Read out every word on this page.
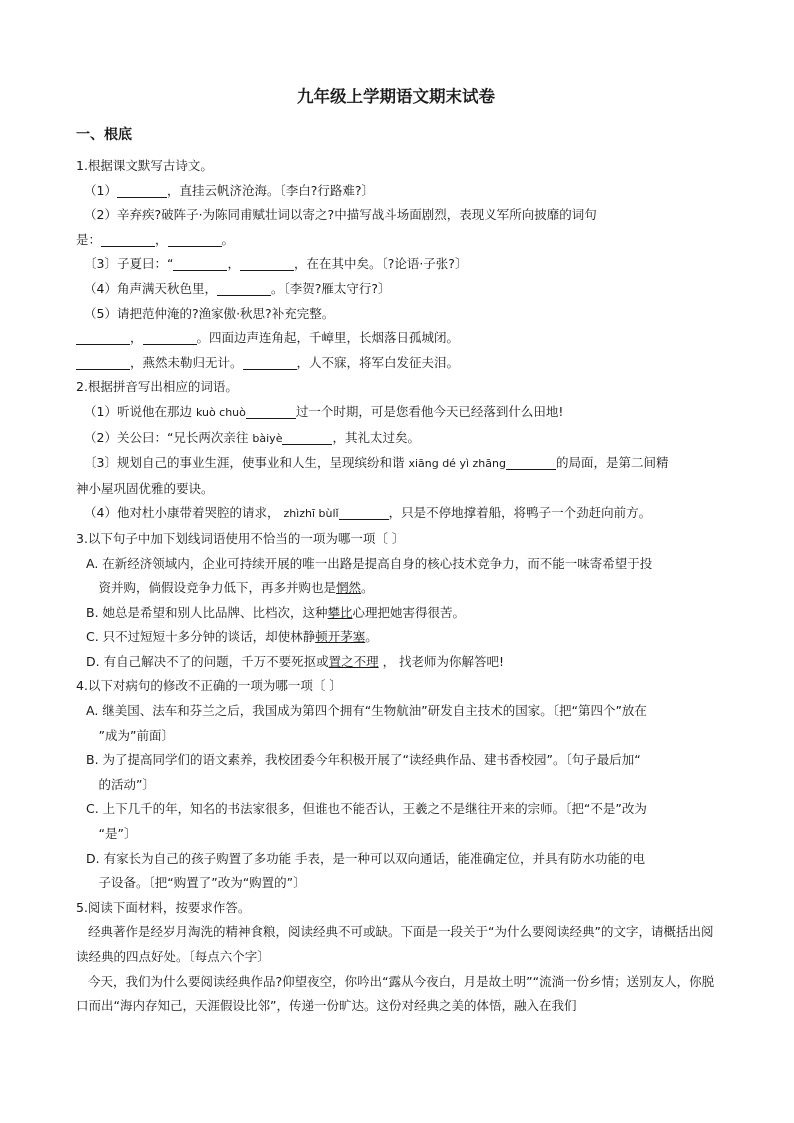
九年级上学期语文期末试卷
一、根底
1.根据课文默写古诗文。
（1）	，直挂云帆济沧海。〔李白?行路难?〕
（2）辛弃疾?破阵子·为陈同甫赋壮词以寄之?中描写战斗场面剧烈，表现义军所向披靡的词句
是：	，	。
〔3〕子夏曰：“	，	，在在其中矣。〔?论语·子张?〕
（4）角声满天秋色里，	。〔李贺?雁太守行?〕
（5）请把范仲淹的?渔家傲·秋思?补充完整。
，	。四面边声连角起，千嶂里，长烟落日孤城闭。
，燕然未勒归无计。	，人不寐，将军白发征夫泪。
2.根据拼音写出相应的词语。
（1）听说他在那边 kuò chuò	过一个时期，可是您看他今天已经落到什么田地!
（2）关公曰：“兄长两次亲往 bàiyè	，其礼太过矣。
〔3〕规划自己的事业生涯，使事业和人生，呈现缤纷和谐 xiāng dé yì zhāng	的局面，是第二间精
神小屋巩固优雅的要诀。
（4）他对杜小康带着哭腔的请求， zhìzhī bùlǐ	，只是不停地撑着船，将鸭子一个劲赶向前方。
3.以下句子中加下划线词语使用不恰当的一项为哪一项〔 〕
A. 在新经济领域内，企业可持续开展的唯一出路是提高自身的核心技术竞争力，而不能一味寄希望于投
  资并购，倘假设竞争力低下，再多并购也是惘然。
B. 她总是希望和别人比品牌、比档次，这种攀比心理把她害得很苦。
C. 只不过短短十多分钟的谈话，却使林静顿开茅塞。
D. 有自己解决不了的问题，千万不要死抠或置之不理 ， 找老师为你解答吧!
4.以下对病句的修改不正确的一项为哪一项〔 〕
A. 继美国、法车和芬兰之后，我国成为第四个拥有“生物航油”研发自主技术的国家。〔把“第四个”放在
  ”成为”前面〕
B. 为了提高同学们的语文素养，我校团委今年积极开展了“读经典作品、建书香校园”。〔句子最后加“
  的活动”〕
C. 上下几千的年，知名的书法家很多，但谁也不能否认，王羲之不是继往开来的宗师。〔把“不是”改为
  “是”〕
D. 有家长为自己的孩子购置了多功能 手表，是一种可以双向通话，能准确定位，并具有防水功能的电
  子设备。〔把“购置了”改为“购置的”〕
5.阅读下面材料，按要求作答。
经典著作是经岁月淘洗的精神食粮，阅读经典不可或缺。下面是一段关于“为什么要阅读经典”的文字，请概括出阅读经典的四点好处。〔每点六个字〕
今天，我们为什么要阅读经典作品?仰望夜空，你吟出“露从今夜白，月是故土明”“流淌一份乡情；送别友人，你脱口而出“海内存知己，天涯假设比邻”，传递一份旷达。这份对经典之美的体悟，融入在我们
